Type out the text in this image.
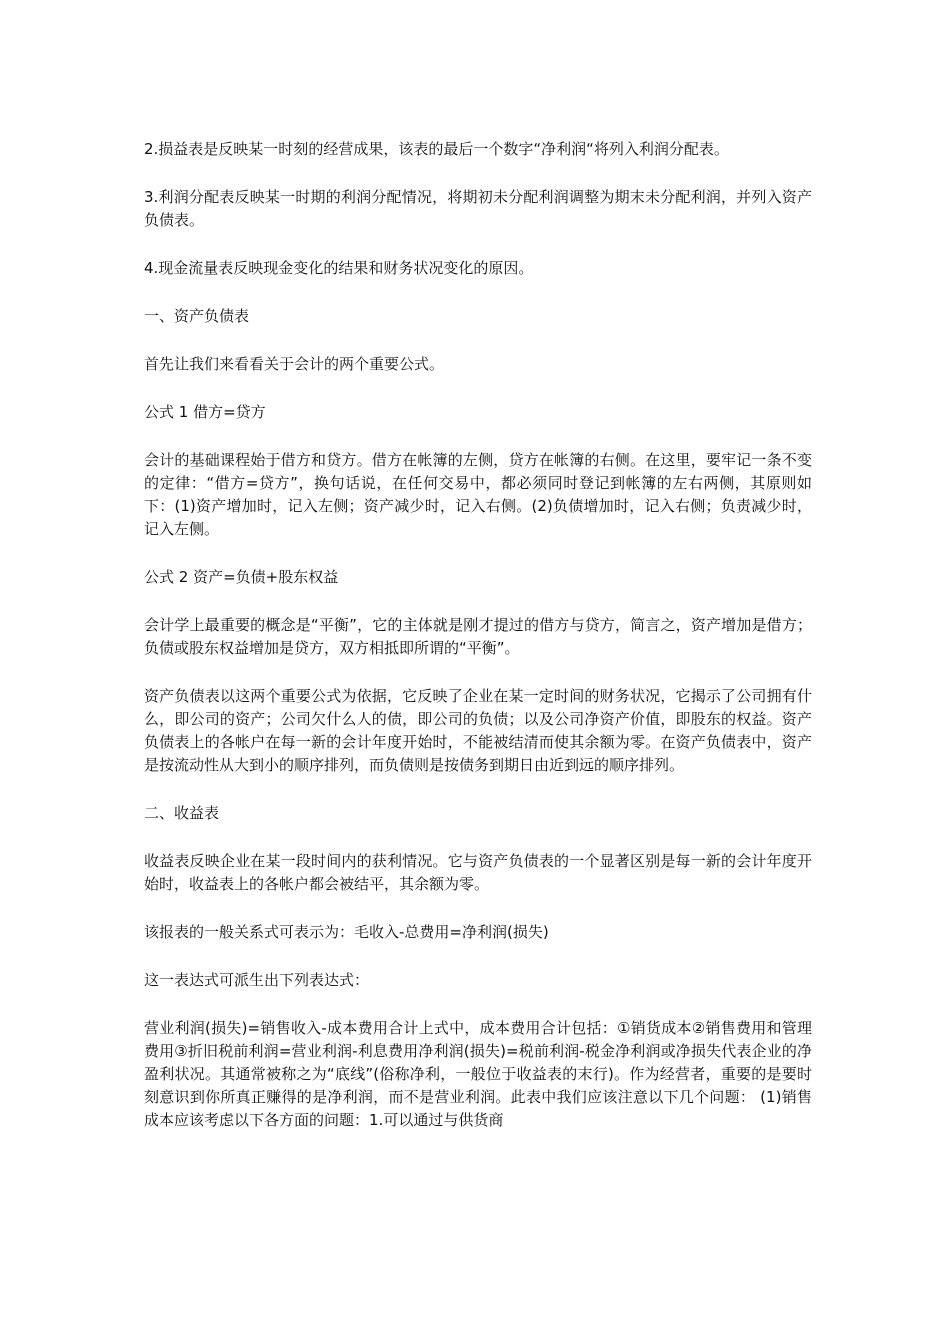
2.损益表是反映某一时刻的经营成果，该表的最后一个数字“净利润“将列入利润分配表。

3.利润分配表反映某一时期的利润分配情况，将期初未分配利润调整为期末未分配利润，并列入资产负债表。

4.现金流量表反映现金变化的结果和财务状况变化的原因。

一、资产负债表

首先让我们来看看关于会计的两个重要公式。

公式 1 借方=贷方

会计的基础课程始于借方和贷方。借方在帐簿的左侧，贷方在帐簿的右侧。在这里，要牢记一条不变的定律：“借方=贷方”，换句话说，在任何交易中，都必须同时登记到帐簿的左右两侧，其原则如下：(1)资产增加时，记入左侧；资产减少时，记入右侧。(2)负债增加时，记入右侧；负责减少时，记入左侧。

公式 2 资产=负债+股东权益

会计学上最重要的概念是“平衡”，它的主体就是刚才提过的借方与贷方，简言之，资产增加是借方；负债或股东权益增加是贷方，双方相抵即所谓的“平衡”。

资产负债表以这两个重要公式为依据，它反映了企业在某一定时间的财务状况，它揭示了公司拥有什么，即公司的资产；公司欠什么人的债，即公司的负债；以及公司净资产价值，即股东的权益。资产负债表上的各帐户在每一新的会计年度开始时，不能被结清而使其余额为零。在资产负债表中，资产是按流动性从大到小的顺序排列，而负债则是按债务到期日由近到远的顺序排列。

二、收益表

收益表反映企业在某一段时间内的获利情况。它与资产负债表的一个显著区别是每一新的会计年度开始时，收益表上的各帐户都会被结平，其余额为零。

该报表的一般关系式可表示为：毛收入-总费用=净利润(损失)

这一表达式可派生出下列表达式：

营业利润(损失)=销售收入-成本费用合计上式中，成本费用合计包括：①销货成本②销售费用和管理费用③折旧税前利润=营业利润-利息费用净利润(损失)=税前利润-税金净利润或净损失代表企业的净盈利状况。其通常被称之为“底线”(俗称净利，一般位于收益表的末行)。作为经营者，重要的是要时刻意识到你所真正赚得的是净利润，而不是营业利润。此表中我们应该注意以下几个问题： (1)销售成本应该考虑以下各方面的问题：1.可以通过与供货商
